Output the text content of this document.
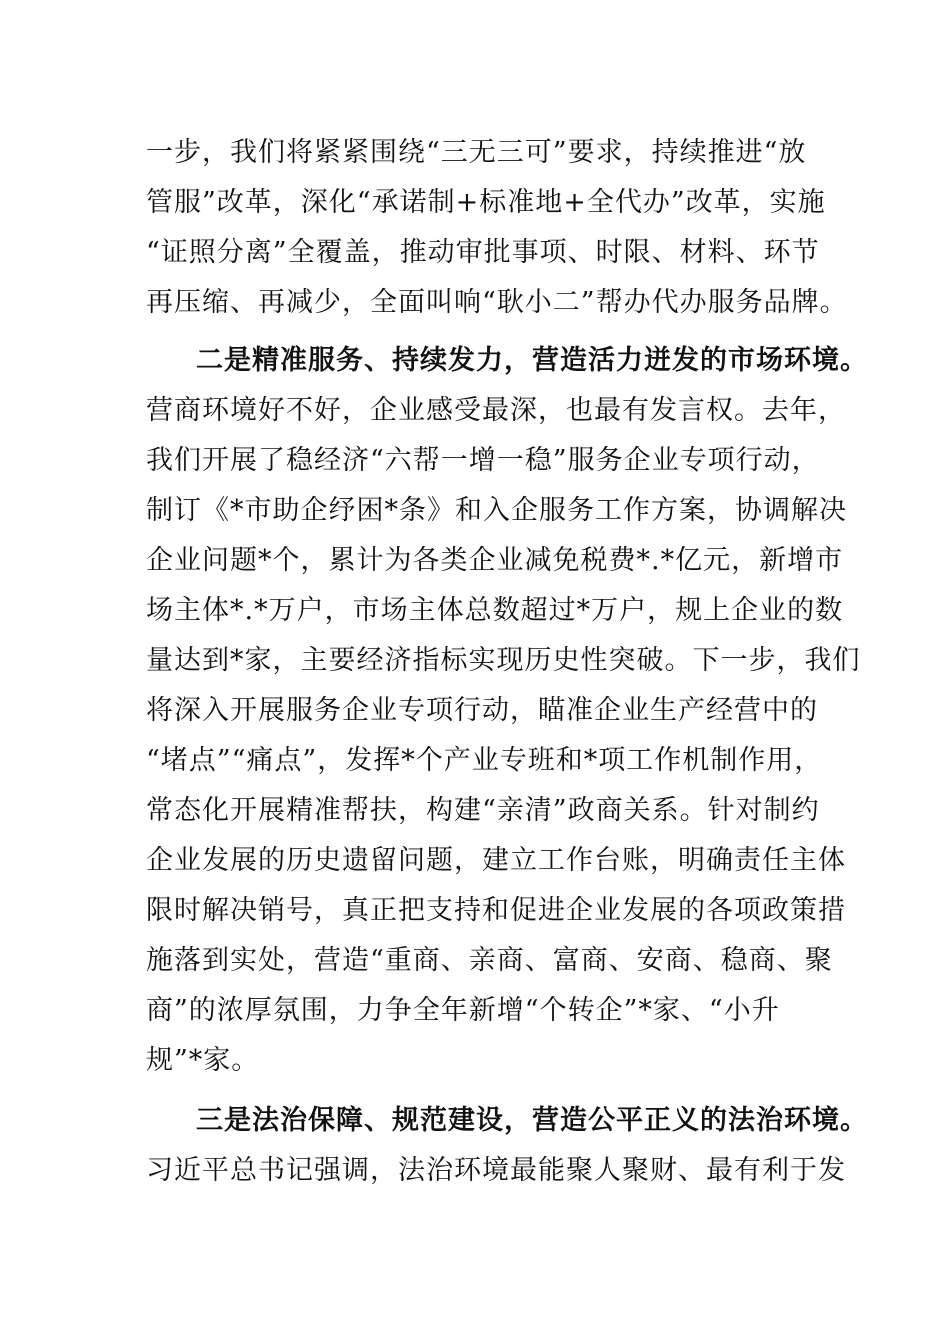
一步，我们将紧紧围绕“三无三可”要求，持续推进“放
管服”改革，深化“承诺制+标准地+全代办”改革，实施
“证照分离”全覆盖，推动审批事项、时限、材料、环节
再压缩、再减少，全面叫响“耿小二”帮办代办服务品牌。
二是精准服务、持续发力，营造活力迸发的市场环境。
营商环境好不好，企业感受最深，也最有发言权。去年，
我们开展了稳经济“六帮一增一稳”服务企业专项行动，
制订《*市助企纾困*条》和入企服务工作方案，协调解决
企业问题*个，累计为各类企业减免税费*.*亿元，新增市
场主体*.*万户，市场主体总数超过*万户，规上企业的数
量达到*家，主要经济指标实现历史性突破。下一步，我们
将深入开展服务企业专项行动，瞄准企业生产经营中的
“堵点”“痛点”，发挥*个产业专班和*项工作机制作用，
常态化开展精准帮扶，构建“亲清”政商关系。针对制约
企业发展的历史遗留问题，建立工作台账，明确责任主体
限时解决销号，真正把支持和促进企业发展的各项政策措
施落到实处，营造“重商、亲商、富商、安商、稳商、聚
商”的浓厚氛围，力争全年新增“个转企”*家、“小升
规”*家。
三是法治保障、规范建设，营造公平正义的法治环境。
习近平总书记强调，法治环境最能聚人聚财、最有利于发
